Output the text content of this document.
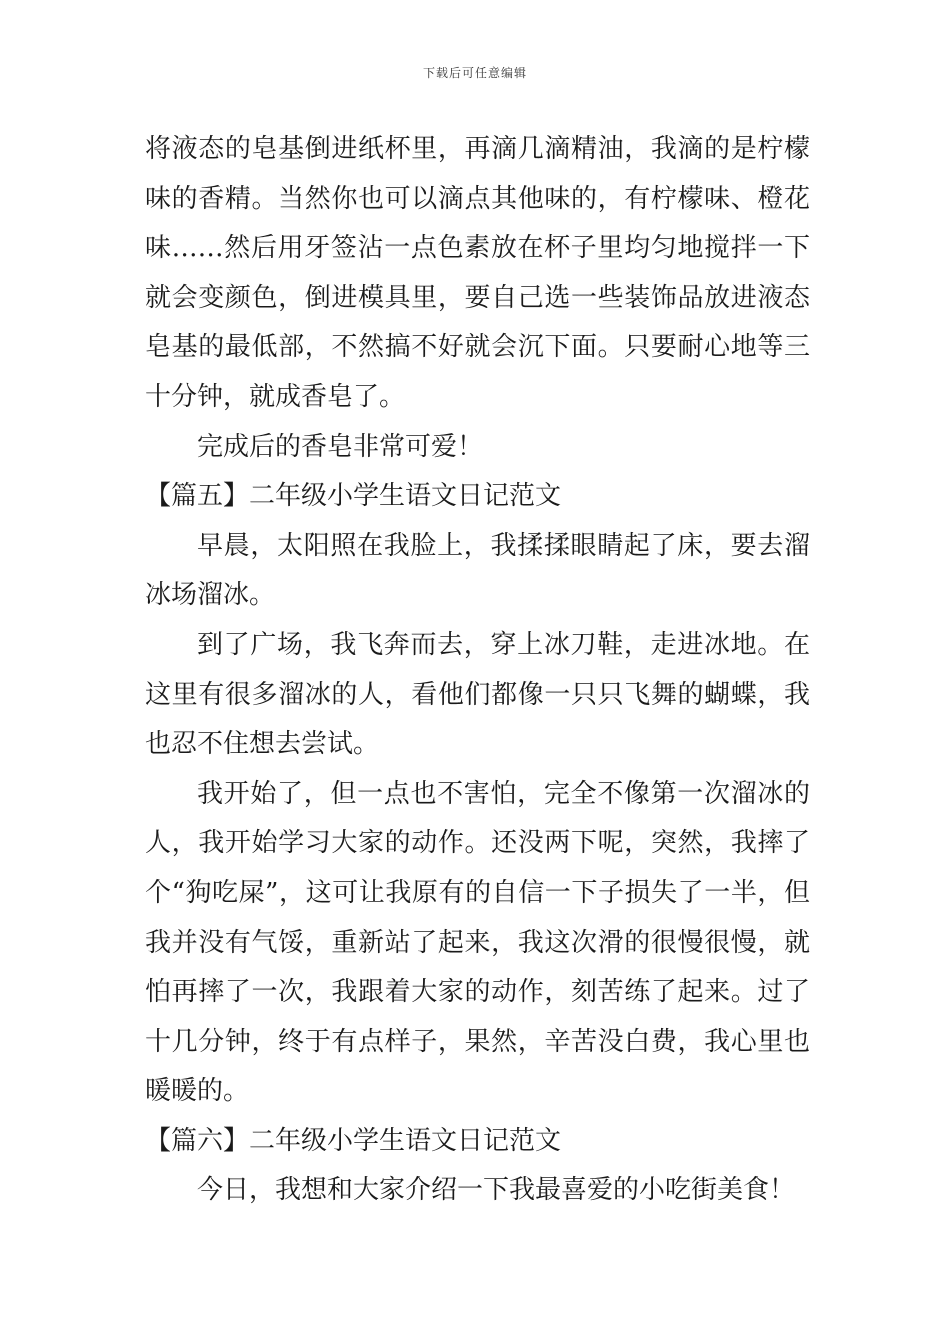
下载后可任意编辑

将液态的皂基倒进纸杯里，再滴几滴精油，我滴的是柠檬味的香精。当然你也可以滴点其他味的，有柠檬味、橙花味……然后用牙签沾一点色素放在杯子里均匀地搅拌一下就会变颜色，倒进模具里，要自己选一些装饰品放进液态皂基的最低部，不然搞不好就会沉下面。只要耐心地等三十分钟，就成香皂了。

完成后的香皂非常可爱！

【篇五】二年级小学生语文日记范文

早晨，太阳照在我脸上，我揉揉眼睛起了床，要去溜冰场溜冰。

到了广场，我飞奔而去，穿上冰刀鞋，走进冰地。在这里有很多溜冰的人，看他们都像一只只飞舞的蝴蝶，我也忍不住想去尝试。

我开始了，但一点也不害怕，完全不像第一次溜冰的人，我开始学习大家的动作。还没两下呢，突然，我摔了个“狗吃屎”，这可让我原有的自信一下子损失了一半，但我并没有气馁，重新站了起来，我这次滑的很慢很慢，就怕再摔了一次，我跟着大家的动作，刻苦练了起来。过了十几分钟，终于有点样子，果然，辛苦没白费，我心里也暖暖的。

【篇六】二年级小学生语文日记范文

今日，我想和大家介绍一下我最喜爱的小吃街美食！
